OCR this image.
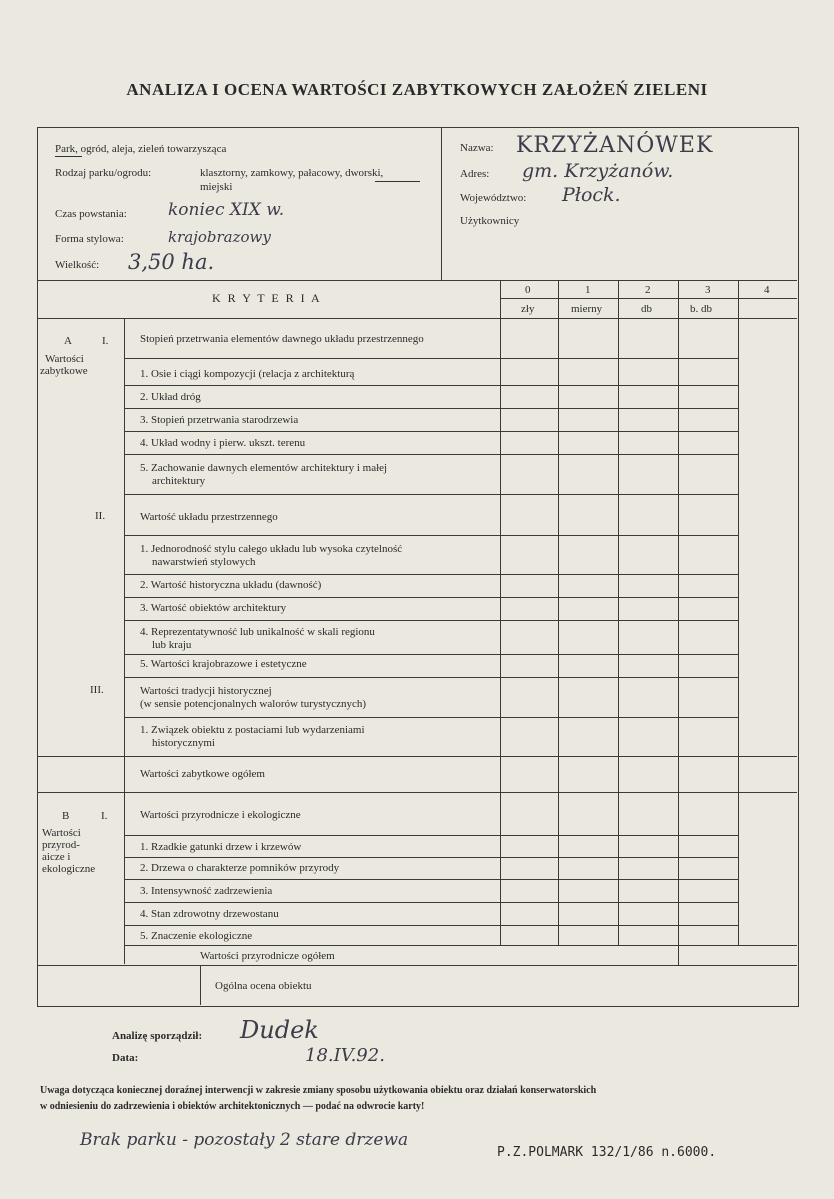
ANALIZA I OCENA WARTOŚCI ZABYTKOWYCH ZAŁOŻEŃ ZIELENI
Park, ogród, aleja, zieleń towarzysząca
Rodzaj parku/ogrodu:	klasztorny, zamkowy, pałacowy, dworski,
miejski
Czas powstania: koniec XIX w.
Forma stylowa:	krajobrazowy
Wielkość: 3,50 ha.
Nazwa: KRZYŻANÓWEK
Adres: gm. Krzyżanów.
Województwo: Płock.
Użytkownicy
K R Y T E R I A
0	1	2	3	4
zły	mierny	db	b. db
A	I.
Wartości
zabytkowe
Stopień przetrwania elementów dawnego układu przestrzennego
1. Osie i ciągi kompozycji (relacja z architekturą
2. Układ dróg
3. Stopień przetrwania starodrzewia
4. Układ wodny i pierw. ukszt. terenu
5. Zachowanie dawnych elementów architektury i małej
architektury
II.	Wartość układu przestrzennego
1. Jednorodność stylu całego układu lub wysoka czytelność
nawarstwień stylowych
2. Wartość historyczna układu (dawność)
3. Wartość obiektów architektury
4. Reprezentatywność lub unikalność w skali regionu
lub kraju
5. Wartości krajobrazowe i estetyczne
III.	Wartości tradycji historycznej
(w sensie potencjonalnych walorów turystycznych)
1. Związek obiektu z postaciami lub wydarzeniami
historycznymi
Wartości zabytkowe ogółem
B	I.
Wartości
przyrod-
aicze i
ekologiczne
Wartości przyrodnicze i ekologiczne
1. Rzadkie gatunki drzew i krzewów
2. Drzewa o charakterze pomników przyrody
3. Intensywność zadrzewienia
4. Stan zdrowotny drzewostanu
5. Znaczenie ekologiczne
Wartości przyrodnicze ogółem
Ogólna ocena obiektu
Analizę sporządził: Dudek
Data:	18.IV.92.
Uwaga dotycząca koniecznej doraźnej interwencji w zakresie zmiany sposobu użytkowania obiektu oraz działań konserwatorskich
w odniesieniu do zadrzewienia i obiektów architektonicznych — podać na odwrocie karty!
Brak parku - pozostały 2 stare drzewa
P.Z.POLMARK 132/1/86 n.6000.
